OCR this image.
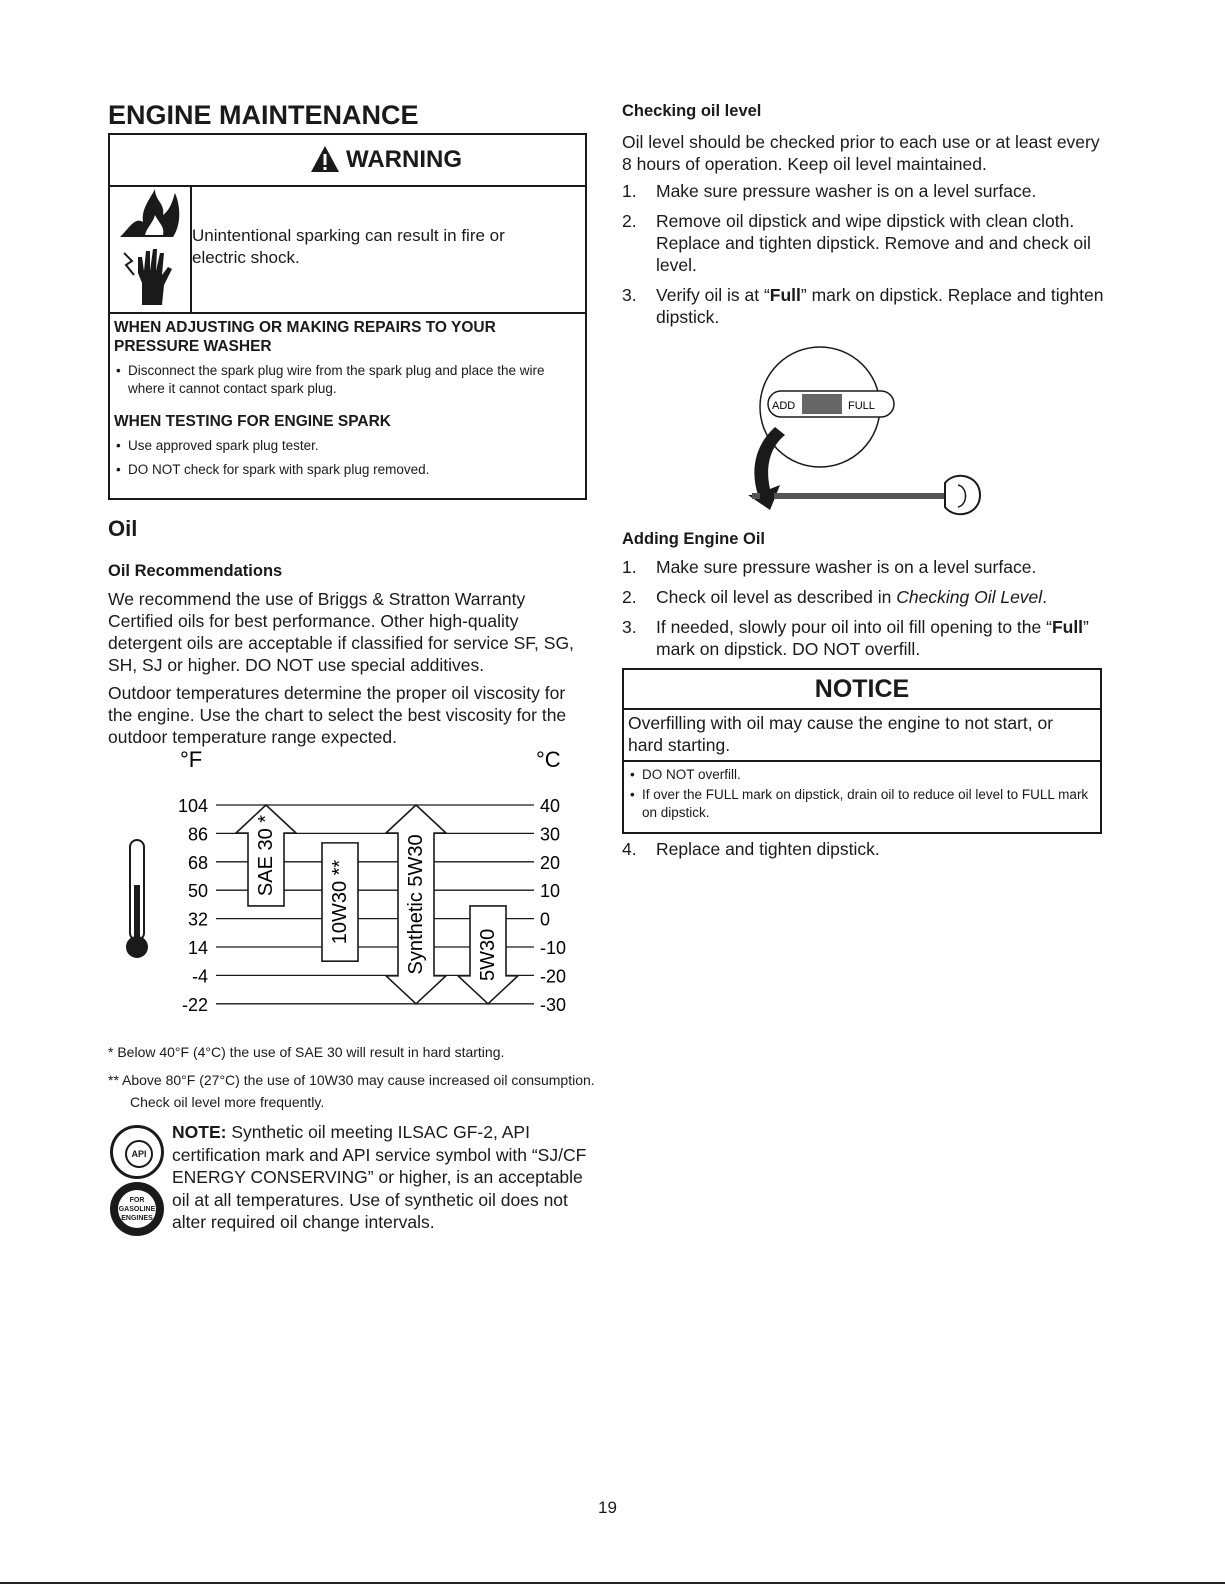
ENGINE MAINTENANCE
WARNING

Unintentional sparking can result in fire or electric shock.

WHEN ADJUSTING OR MAKING REPAIRS TO YOUR PRESSURE WASHER
• Disconnect the spark plug wire from the spark plug and place the wire where it cannot contact spark plug.
WHEN TESTING FOR ENGINE SPARK
• Use approved spark plug tester.
• DO NOT check for spark with spark plug removed.
Oil
Oil Recommendations

We recommend the use of Briggs & Stratton Warranty Certified oils for best performance. Other high-quality detergent oils are acceptable if classified for service SF, SG, SH, SJ or higher. DO NOT use special additives.

Outdoor temperatures determine the proper oil viscosity for the engine. Use the chart to select the best viscosity for the outdoor temperature range expected.

°F	°C
SAE 30 *
10W30 **	Synthetic 5W30	5W30
104	40
86	30
68	20
50	10
32	0
14	-10
-4	-20
-22	-30

* Below 40°F (4°C) the use of SAE 30 will result in hard starting.

** Above 80°F (27°C) the use of 10W30 may cause increased oil consumption. Check oil level more frequently.

API
FOR GASOLINE ENGINES

NOTE: Synthetic oil meeting ILSAC GF-2, API certification mark and API service symbol with “SJ/CF ENERGY CONSERVING” or higher, is an acceptable oil at all temperatures. Use of synthetic oil does not alter required oil change intervals.

Checking oil level

Oil level should be checked prior to each use or at least every 8 hours of operation. Keep oil level maintained.

1. Make sure pressure washer is on a level surface.
2. Remove oil dipstick and wipe dipstick with clean cloth. Replace and tighten dipstick. Remove and and check oil level.
3. Verify oil is at “Full” mark on dipstick. Replace and tighten dipstick.
ADD	FULL
Adding Engine Oil
1. Make sure pressure washer is on a level surface.
2. Check oil level as described in Checking Oil Level.
3. If needed, slowly pour oil into oil fill opening to the “Full” mark on dipstick. DO NOT overfill.
NOTICE
Overfilling with oil may cause the engine to not start, or hard starting.
• DO NOT overfill.
• If over the FULL mark on dipstick, drain oil to reduce oil level to FULL mark on dipstick.
4. Replace and tighten dipstick.
19
